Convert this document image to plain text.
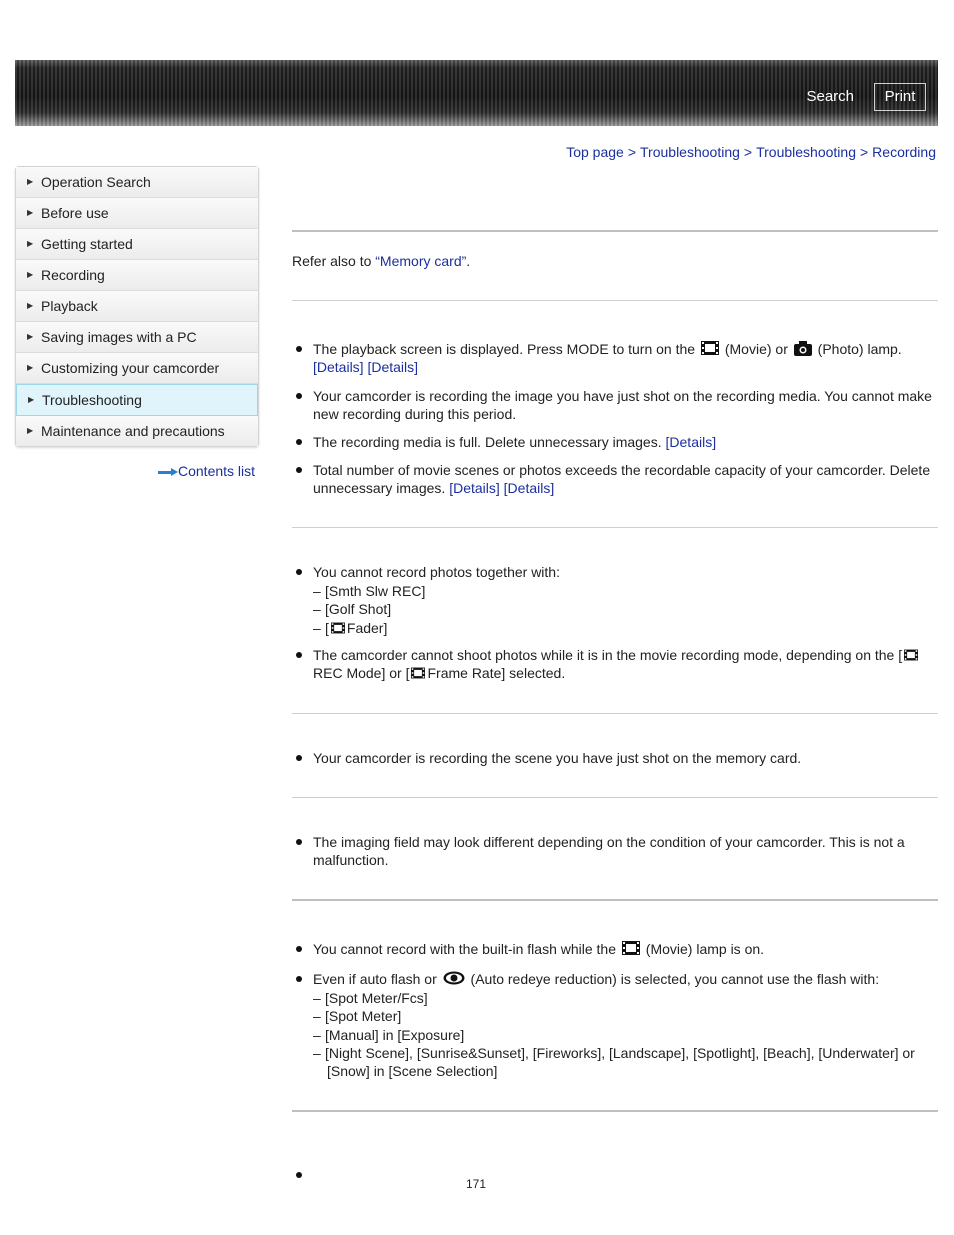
Search	Print
Top page > Troubleshooting > Troubleshooting > Recording
▶ Operation Search
▶ Before use
▶ Getting started
▶ Recording
▶ Playback
▶ Saving images with a PC
▶ Customizing your camcorder
▶ Troubleshooting
▶ Maintenance and precautions
Contents list
Refer also to “Memory card”.
The playback screen is displayed. Press MODE to turn on the (Movie) or (Photo) lamp.
[Details] [Details]
Your camcorder is recording the image you have just shot on the recording media. You cannot make new recording during this period.
The recording media is full. Delete unnecessary images. [Details]
Total number of movie scenes or photos exceeds the recordable capacity of your camcorder. Delete unnecessary images. [Details] [Details]
You cannot record photos together with:
– [Smth Slw REC]
– [Golf Shot]
– [ Fader]
The camcorder cannot shoot photos while it is in the movie recording mode, depending on the [
REC Mode] or [ Frame Rate] selected.
Your camcorder is recording the scene you have just shot on the memory card.
The imaging field may look different depending on the condition of your camcorder. This is not a malfunction.
You cannot record with the built-in flash while the (Movie) lamp is on.
Even if auto flash or (Auto redeye reduction) is selected, you cannot use the flash with:
– [Spot Meter/Fcs]
– [Spot Meter]
– [Manual] in [Exposure]
– [Night Scene], [Sunrise&Sunset], [Fireworks], [Landscape], [Spotlight], [Beach], [Underwater] or
[Snow] in [Scene Selection]
171
